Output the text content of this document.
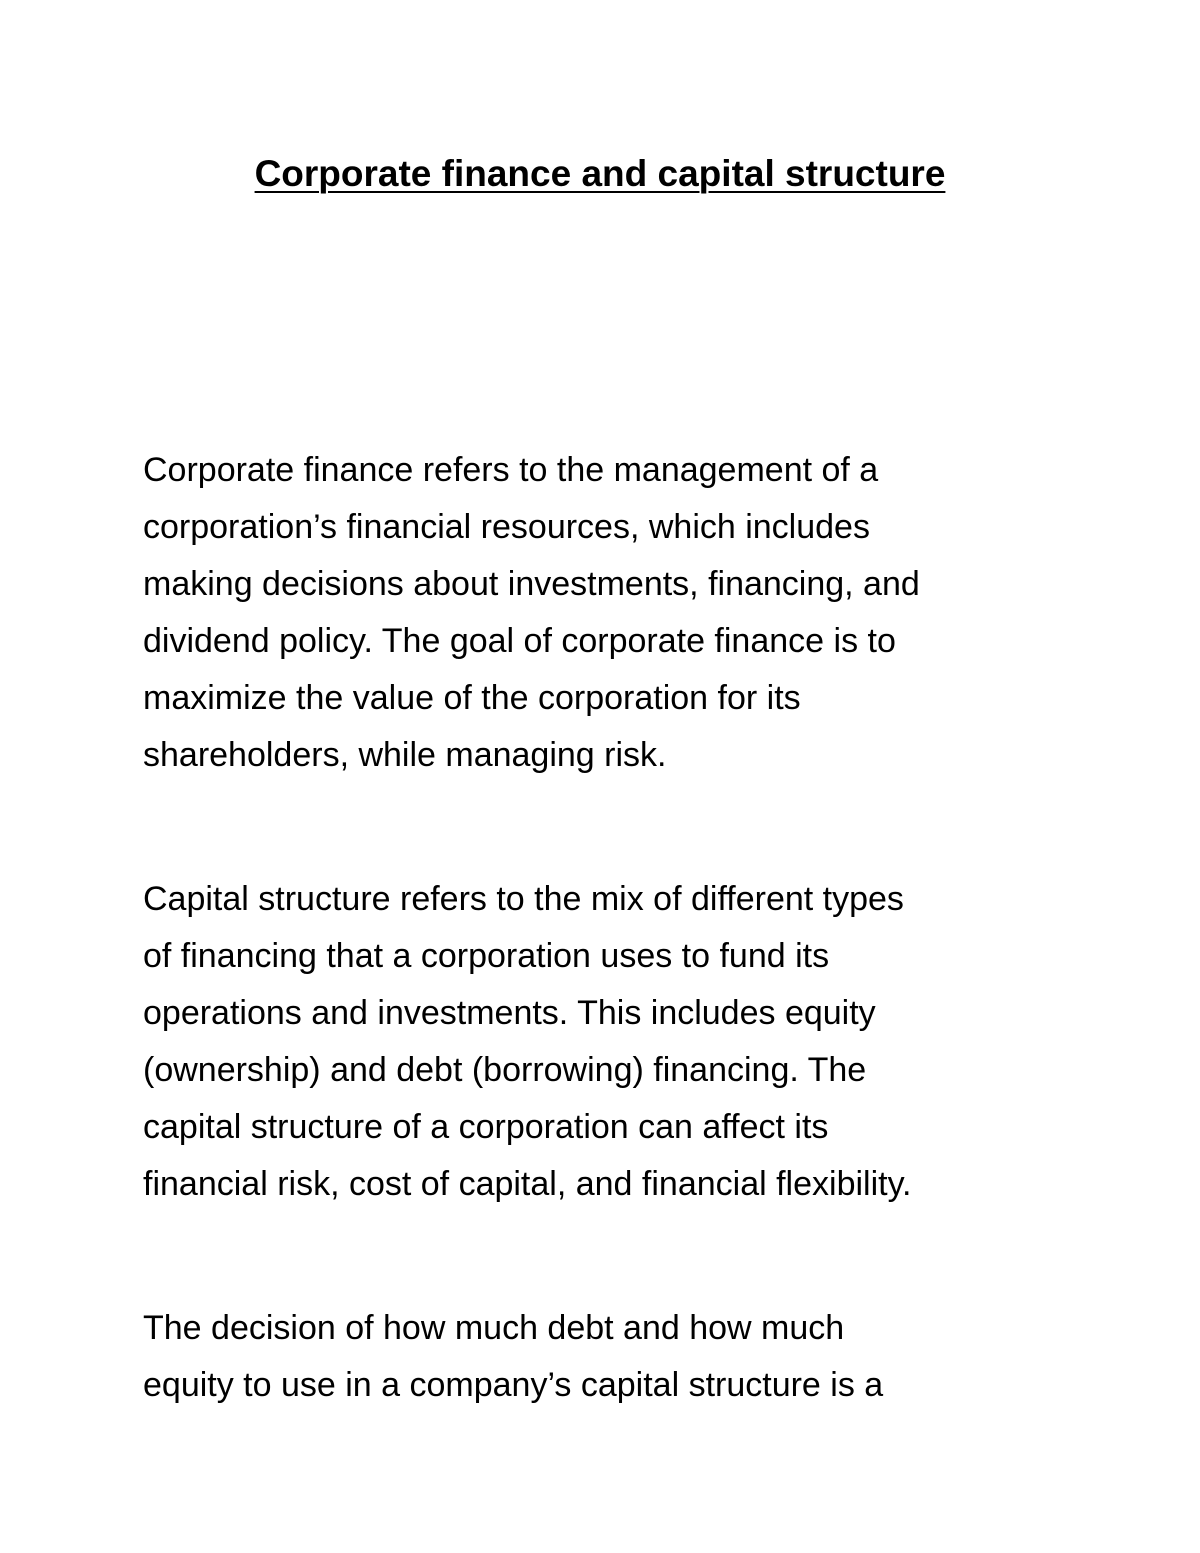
Corporate finance and capital structure

Corporate finance refers to the management of a
corporation’s financial resources, which includes
making decisions about investments, financing, and
dividend policy. The goal of corporate finance is to
maximize the value of the corporation for its
shareholders, while managing risk.

Capital structure refers to the mix of different types
of financing that a corporation uses to fund its
operations and investments. This includes equity
(ownership) and debt (borrowing) financing. The
capital structure of a corporation can affect its
financial risk, cost of capital, and financial flexibility.

The decision of how much debt and how much
equity to use in a company’s capital structure is a
